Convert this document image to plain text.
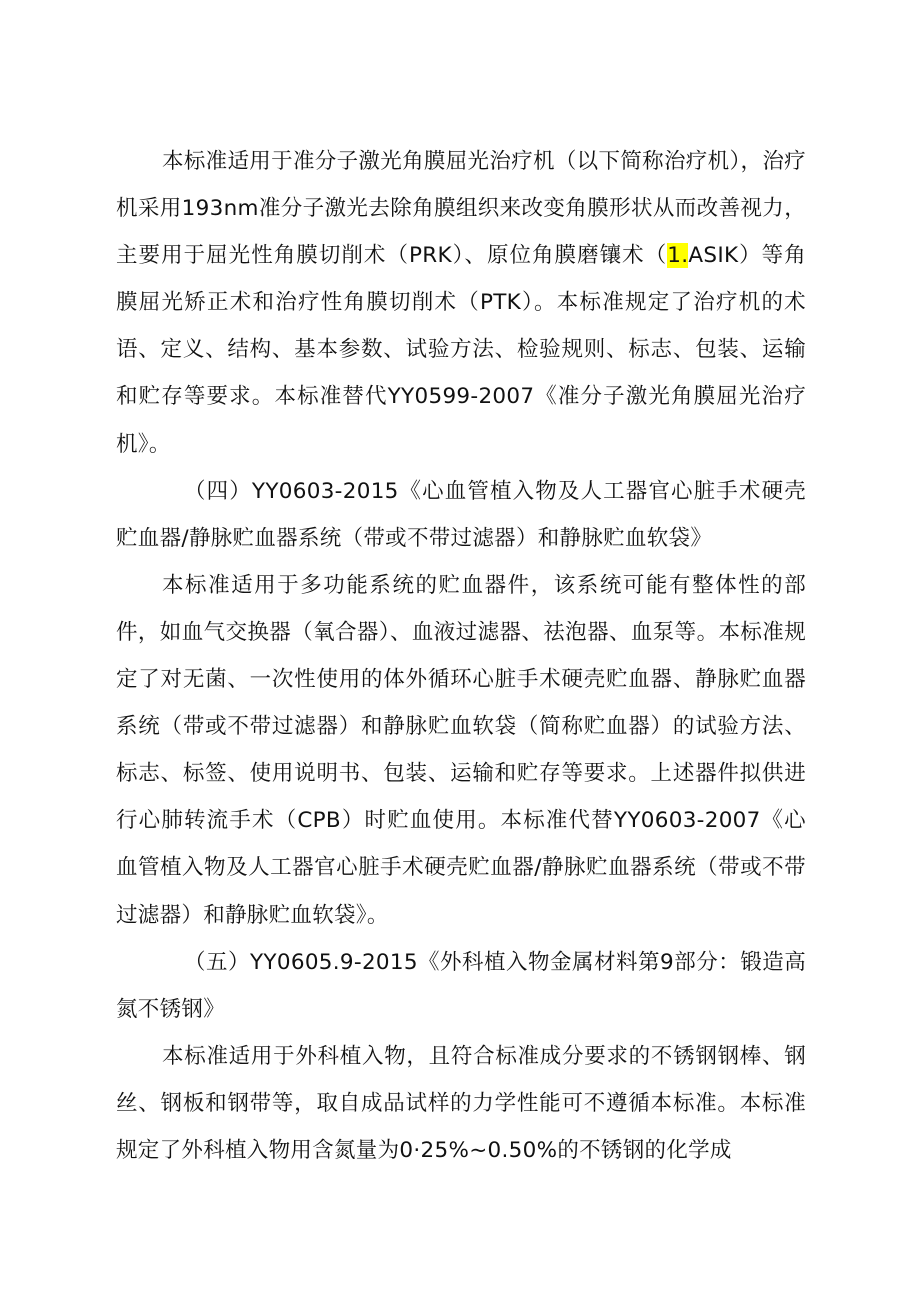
本标准适用于准分子激光角膜屈光治疗机（以下简称治疗机），治疗机采用193nm准分子激光去除角膜组织来改变角膜形状从而改善视力，主要用于屈光性角膜切削术（PRK）、原位角膜磨镶术（1.ASIK）等角膜屈光矫正术和治疗性角膜切削术（PTK）。本标准规定了治疗机的术语、定义、结构、基本参数、试验方法、检验规则、标志、包装、运输和贮存等要求。本标准替代YY0599-2007《准分子激光角膜屈光治疗机》。

（四）YY0603-2015《心血管植入物及人工器官心脏手术硬壳贮血器/静脉贮血器系统（带或不带过滤器）和静脉贮血软袋》

本标准适用于多功能系统的贮血器件，该系统可能有整体性的部件，如血气交换器（氧合器）、血液过滤器、祛泡器、血泵等。本标准规定了对无菌、一次性使用的体外循环心脏手术硬壳贮血器、静脉贮血器系统（带或不带过滤器）和静脉贮血软袋（简称贮血器）的试验方法、标志、标签、使用说明书、包装、运输和贮存等要求。上述器件拟供进行心肺转流手术（CPB）时贮血使用。本标准代替YY0603-2007《心血管植入物及人工器官心脏手术硬壳贮血器/静脉贮血器系统（带或不带过滤器）和静脉贮血软袋》。

（五）YY0605.9-2015《外科植入物金属材料第9部分：锻造高氮不锈钢》

本标准适用于外科植入物，且符合标准成分要求的不锈钢钢棒、钢丝、钢板和钢带等，取自成品试样的力学性能可不遵循本标准。本标准规定了外科植入物用含氮量为0·25%~0.50%的不锈钢的化学成
